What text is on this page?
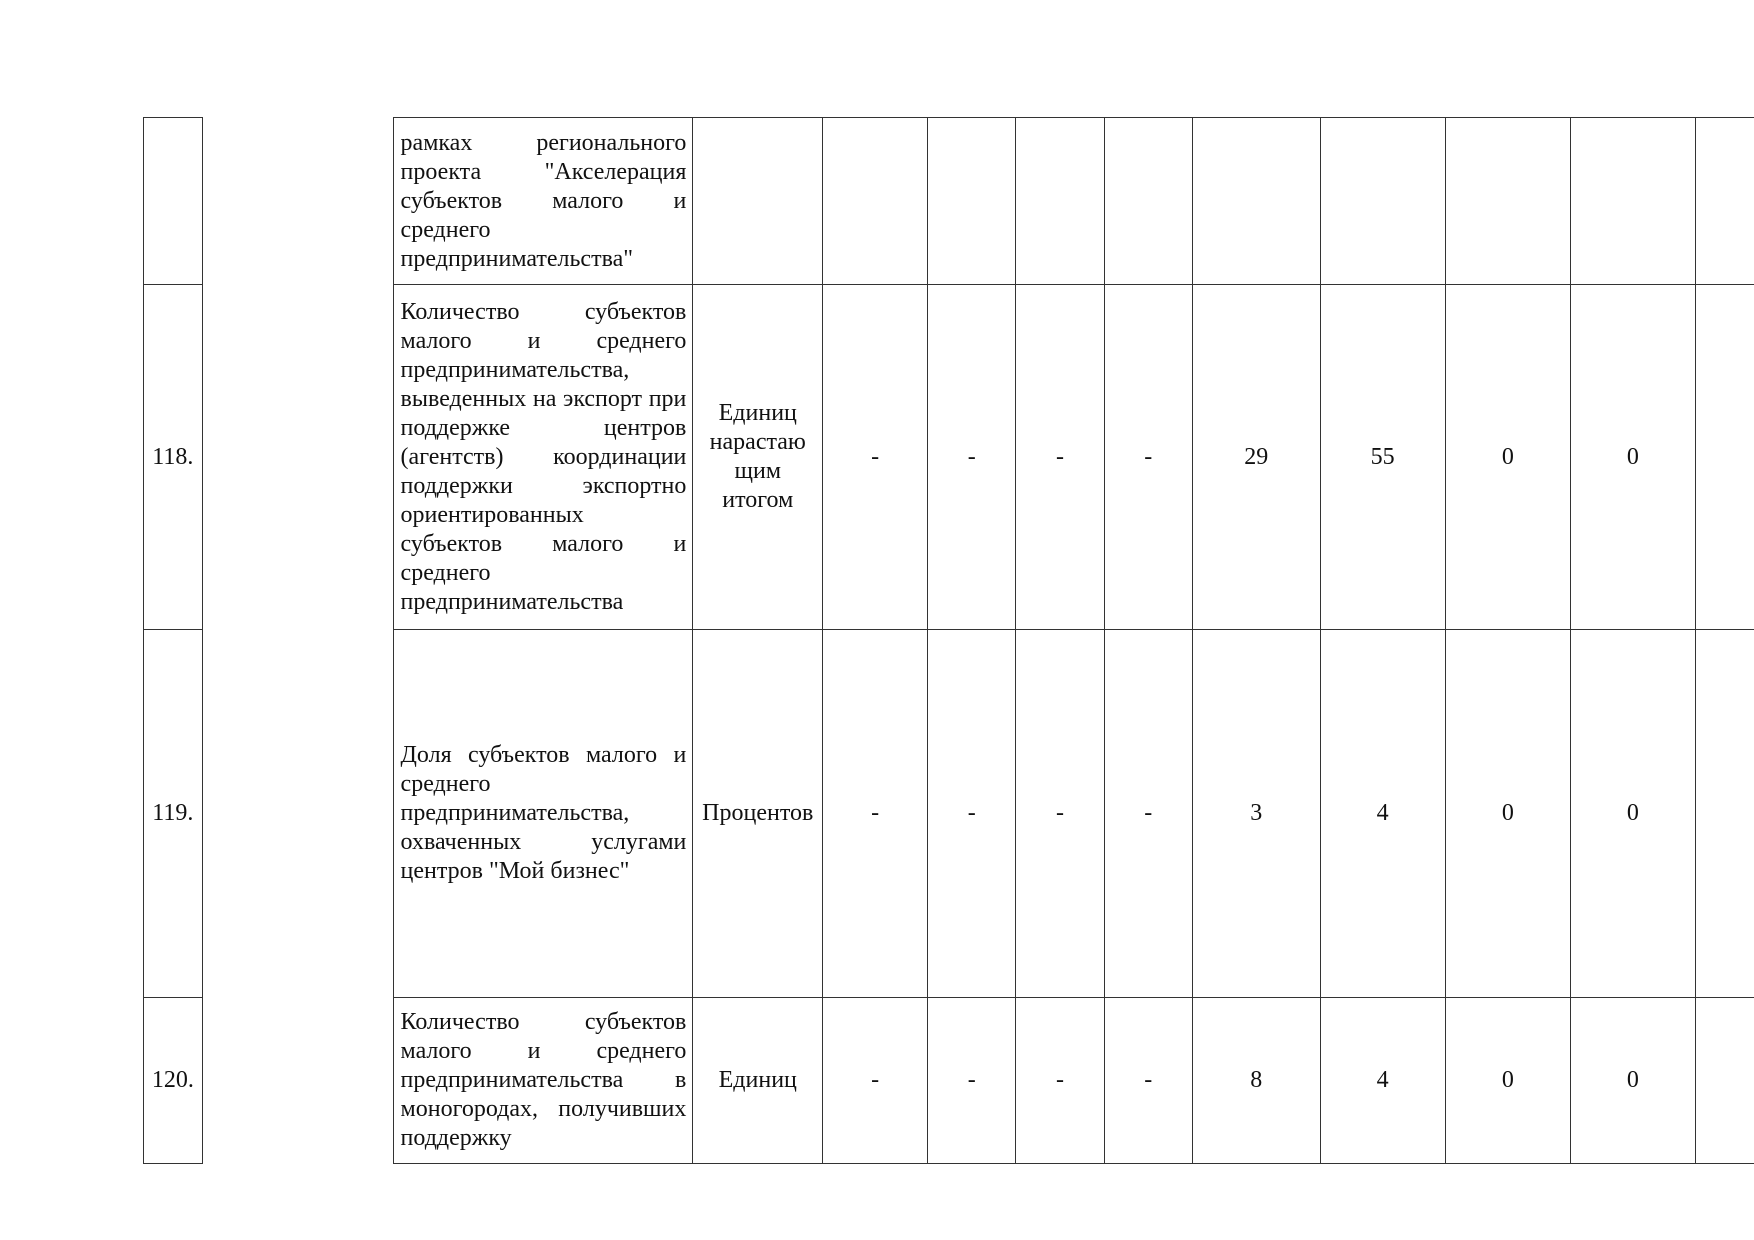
		рамках регионального проекта "Акселерация субъектов малого и среднего предпринимательства"										
118.		Количество субъектов малого и среднего предпринимательства, выведенных на экспорт при поддержке центров (агентств) координации поддержки экспортно ориентированных субъектов малого и среднего предпринимательства	Единиц нарастаю щим итогом	-	-	-	-	29	55	0	0	
119.		Доля субъектов малого и среднего предпринимательства, охваченных услугами центров "Мой бизнес"	Процентов	-	-	-	-	3	4	0	0	
120.		Количество субъектов малого и среднего предпринимательства в моногородах, получивших поддержку	Единиц	-	-	-	-	8	4	0	0	
